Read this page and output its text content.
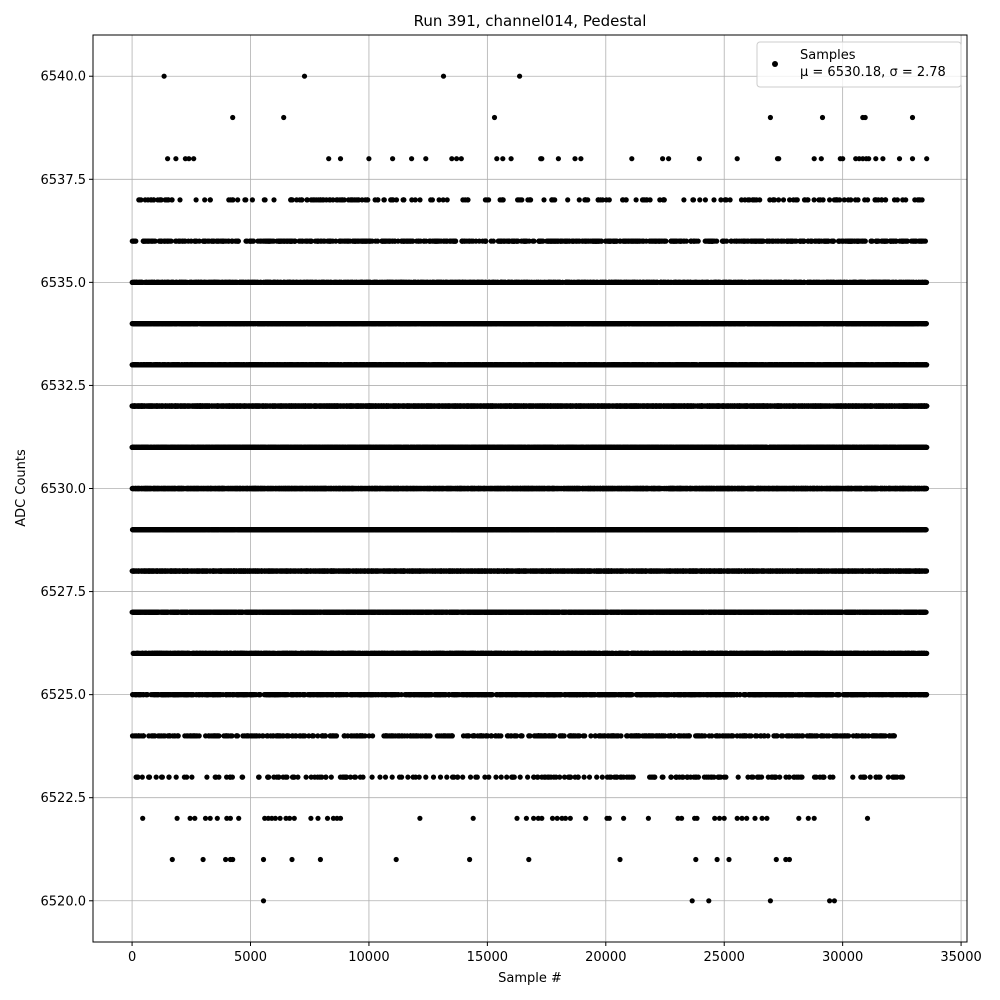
0	5000	10000	15000	20000	25000	30000	35000
6520.0
6522.5
6525.0
6527.5
6530.0
6532.5
6535.0
6537.5
6540.0
Run 391, channel014, Pedestal
Sample #
ADC Counts
Samples
μ = 6530.18, σ = 2.78
